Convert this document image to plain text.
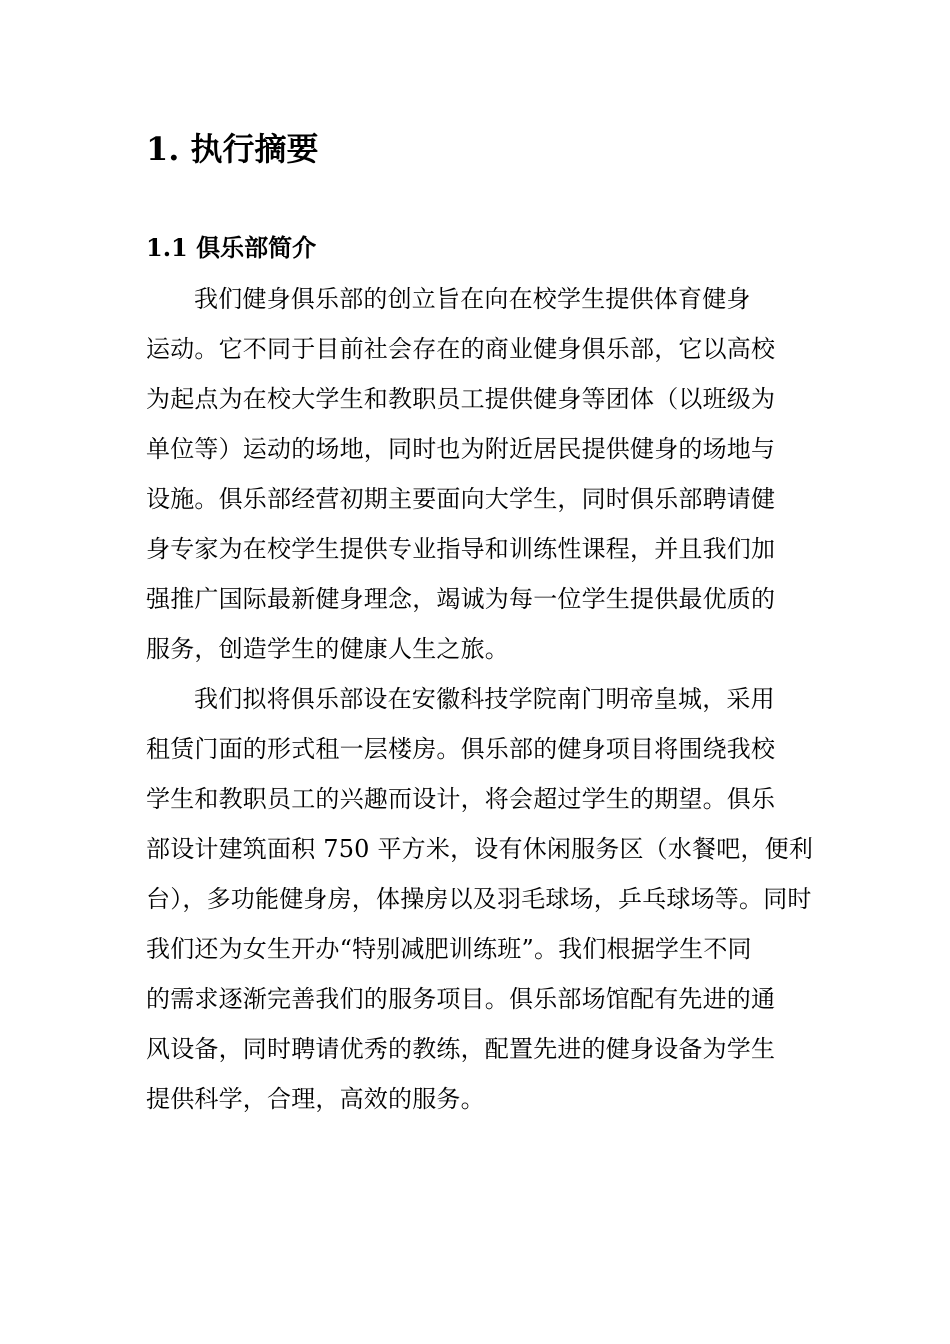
1. 执行摘要
1.1 俱乐部简介
我们健身俱乐部的创立旨在向在校学生提供体育健身
运动。它不同于目前社会存在的商业健身俱乐部，它以高校
为起点为在校大学生和教职员工提供健身等团体（以班级为
单位等）运动的场地，同时也为附近居民提供健身的场地与
设施。俱乐部经营初期主要面向大学生，同时俱乐部聘请健
身专家为在校学生提供专业指导和训练性课程，并且我们加
强推广国际最新健身理念，竭诚为每一位学生提供最优质的
服务，创造学生的健康人生之旅。
我们拟将俱乐部设在安徽科技学院南门明帝皇城，采用
租赁门面的形式租一层楼房。俱乐部的健身项目将围绕我校
学生和教职员工的兴趣而设计，将会超过学生的期望。俱乐
部设计建筑面积 750 平方米，设有休闲服务区（水餐吧，便利
台），多功能健身房，体操房以及羽毛球场，乒乓球场等。同时
我们还为女生开办“特别减肥训练班”。我们根据学生不同
的需求逐渐完善我们的服务项目。俱乐部场馆配有先进的通
风设备，同时聘请优秀的教练，配置先进的健身设备为学生
提供科学，合理，高效的服务。
